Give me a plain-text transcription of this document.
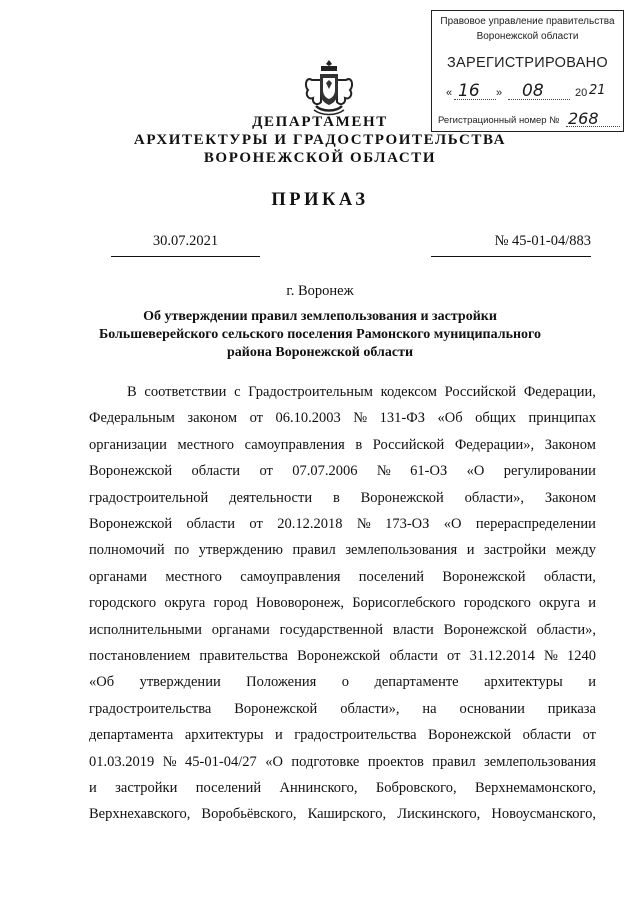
Правовое управление правительства
Воронежской области
ЗАРЕГИСТРИРОВАНО
« 16 » 08	20 21
Регистрационный номер № 268
ДЕПАРТАМЕНТ
АРХИТЕКТУРЫ И ГРАДОСТРОИТЕЛЬСТВА
ВОРОНЕЖСКОЙ ОБЛАСТИ
ПРИКАЗ
30.07.2021	№ 45-01-04/883
г. Воронеж
Об утверждении правил землепользования и застройки
Большеверейского сельского поселения Рамонского муниципального
района Воронежской области
В соответствии с Градостроительным кодексом Российской Федерации,
Федеральным законом от 06.10.2003 № 131-ФЗ «Об общих принципах
организации местного самоуправления в Российской Федерации», Законом
Воронежской области от 07.07.2006 № 61-ОЗ «О регулировании
градостроительной деятельности в Воронежской области», Законом
Воронежской области от 20.12.2018 № 173-ОЗ «О перераспределении
полномочий по утверждению правил землепользования и застройки между
органами местного самоуправления поселений Воронежской области,
городского округа город Нововоронеж, Борисоглебского городского округа и
исполнительными органами государственной власти Воронежской области»,
постановлением правительства Воронежской области от 31.12.2014 № 1240
«Об утверждении Положения о департаменте архитектуры и
градостроительства Воронежской области», на основании приказа
департамента архитектуры и градостроительства Воронежской области от
01.03.2019 № 45-01-04/27 «О подготовке проектов правил землепользования
и застройки поселений Аннинского, Бобровского, Верхнемамонского,
Верхнехавского, Воробьёвского, Каширского, Лискинского, Новоусманского,
